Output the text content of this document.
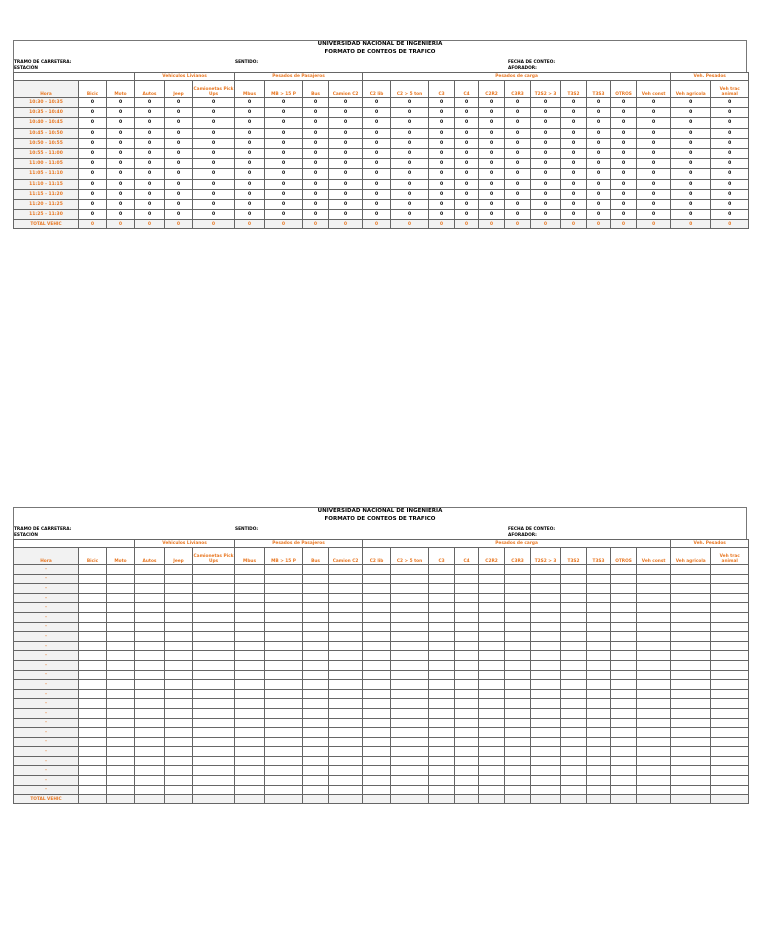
UNIVERSIDAD NACIONAL DE INGENIERIA
FORMATO DE CONTEOS DE TRAFICO
TRAMO DE CARRETERA:
ESTACIÓN
SENTIDO:	FECHA DE CONTEO:
AFORADOR:
			Vehiculos Livianos			Pesados de Pasajeros				Pesados de carga											Veh. Pesados		
Hora	Bicic	Moto	Autos	Jeep	Camionetas Pick Ups	Mbus	MB > 15 P	Bus	Camion C2	C2 lib	C2 > 5 ton	C3	C4	C2R2	C3R3	T2S2 > 3	T3S2	T3S3	OTROS	Veh const	Veh agricola	Veh trac animal	
10:30 - 10:35	0	0	0	0	0	0	0	0	0	0	0	0	0	0	0	0	0	0	0	0	0	0	
10:35 - 10:40	0	0	0	0	0	0	0	0	0	0	0	0	0	0	0	0	0	0	0	0	0	0	
10:40 - 10:45	0	0	0	0	0	0	0	0	0	0	0	0	0	0	0	0	0	0	0	0	0	0	
10:45 - 10:50	0	0	0	0	0	0	0	0	0	0	0	0	0	0	0	0	0	0	0	0	0	0	
10:50 - 10:55	0	0	0	0	0	0	0	0	0	0	0	0	0	0	0	0	0	0	0	0	0	0	
10:55 - 11:00	0	0	0	0	0	0	0	0	0	0	0	0	0	0	0	0	0	0	0	0	0	0	
11:00 - 11:05	0	0	0	0	0	0	0	0	0	0	0	0	0	0	0	0	0	0	0	0	0	0	
11:05 - 11:10	0	0	0	0	0	0	0	0	0	0	0	0	0	0	0	0	0	0	0	0	0	0	
11:10 - 11:15	0	0	0	0	0	0	0	0	0	0	0	0	0	0	0	0	0	0	0	0	0	0	
11:15 - 11:20	0	0	0	0	0	0	0	0	0	0	0	0	0	0	0	0	0	0	0	0	0	0	
11:20 - 11:25	0	0	0	0	0	0	0	0	0	0	0	0	0	0	0	0	0	0	0	0	0	0	
11:25 - 11:30	0	0	0	0	0	0	0	0	0	0	0	0	0	0	0	0	0	0	0	0	0	0	
TOTAL VEHIC	0	0	0	0	0	0	0	0	0	0	0	0	0	0	0	0	0	0	0	0	0	0	
UNIVERSIDAD NACIONAL DE INGENIERIA
FORMATO DE CONTEOS DE TRAFICO
TRAMO DE CARRETERA:
ESTACIÓN
SENTIDO:	FECHA DE CONTEO:
AFORADOR:
			Vehiculos Livianos			Pesados de Pasajeros				Pesados de carga											Veh. Pesados		
Hora	Bicic	Moto	Autos	Jeep	Camionetas Pick Ups	Mbus	MB > 15 P	Bus	Camion C2	C2 lib	C2 > 5 ton	C3	C4	C2R2	C3R3	T2S2 > 3	T3S2	T3S3	OTROS	Veh const	Veh agricola	Veh trac animal	
-																							
-																							
-																							
-																							
-																							
-																							
-																							
-																							
-																							
-																							
-																							
-																							
-																							
-																							
-																							
-																							
-																							
-																							
-																							
-																							
-																							
-																							
-																							
-																							
TOTAL VEHIC																							
